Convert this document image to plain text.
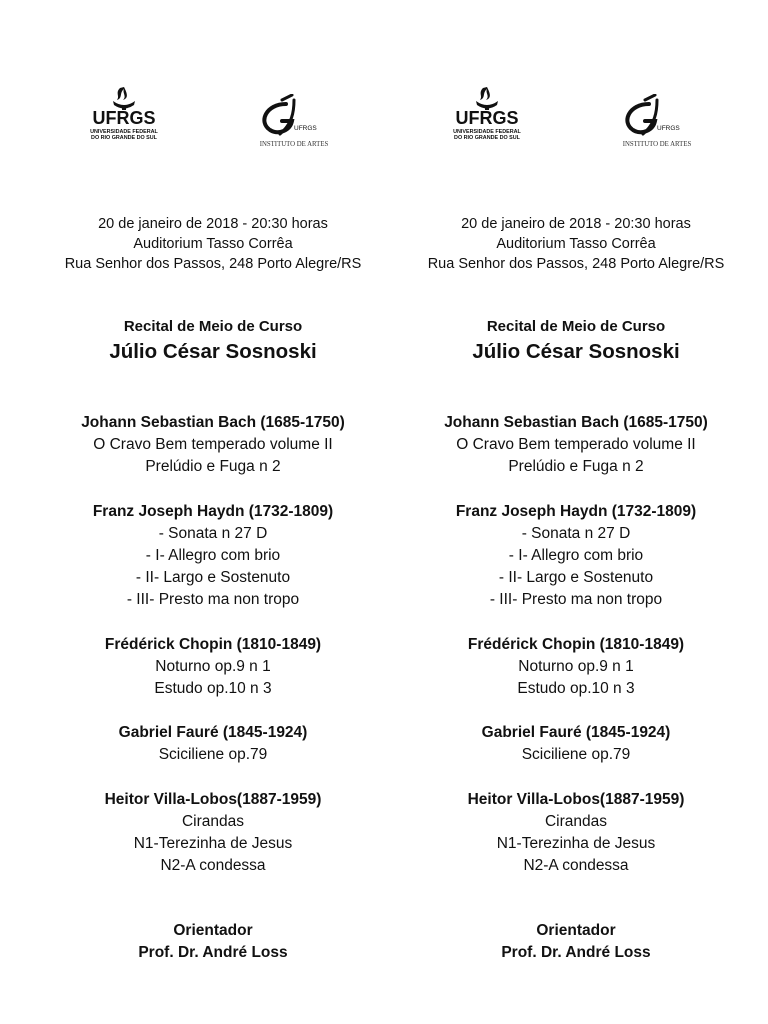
UFRGS
UNIVERSIDADE FEDERAL
DO RIO GRANDE DO SUL
UFRGS
INSTITUTO DE ARTES
20 de janeiro de 2018 - 20:30 horas
Auditorium Tasso Corrêa
Rua Senhor dos Passos, 248 Porto Alegre/RS
Recital de Meio de Curso
Júlio César Sosnoski
Johann Sebastian Bach (1685-1750)
O Cravo Bem temperado volume II
Prelúdio e Fuga n 2
Franz Joseph Haydn (1732-1809)
- Sonata n 27 D
- I- Allegro com brio
- II- Largo e Sostenuto
- III- Presto ma non tropo
Frédérick Chopin (1810-1849)
Noturno op.9 n 1
Estudo op.10 n 3
Gabriel Fauré (1845-1924)
Sciciliene op.79
Heitor Villa-Lobos(1887-1959)
Cirandas
N1-Terezinha de Jesus
N2-A condessa
Orientador
Prof. Dr. André Loss
UFRGS
UNIVERSIDADE FEDERAL
DO RIO GRANDE DO SUL
UFRGS
INSTITUTO DE ARTES
20 de janeiro de 2018 - 20:30 horas
Auditorium Tasso Corrêa
Rua Senhor dos Passos, 248 Porto Alegre/RS
Recital de Meio de Curso
Júlio César Sosnoski
Johann Sebastian Bach (1685-1750)
O Cravo Bem temperado volume II
Prelúdio e Fuga n 2
Franz Joseph Haydn (1732-1809)
- Sonata n 27 D
- I- Allegro com brio
- II- Largo e Sostenuto
- III- Presto ma non tropo
Frédérick Chopin (1810-1849)
Noturno op.9 n 1
Estudo op.10 n 3
Gabriel Fauré (1845-1924)
Sciciliene op.79
Heitor Villa-Lobos(1887-1959)
Cirandas
N1-Terezinha de Jesus
N2-A condessa
Orientador
Prof. Dr. André Loss
